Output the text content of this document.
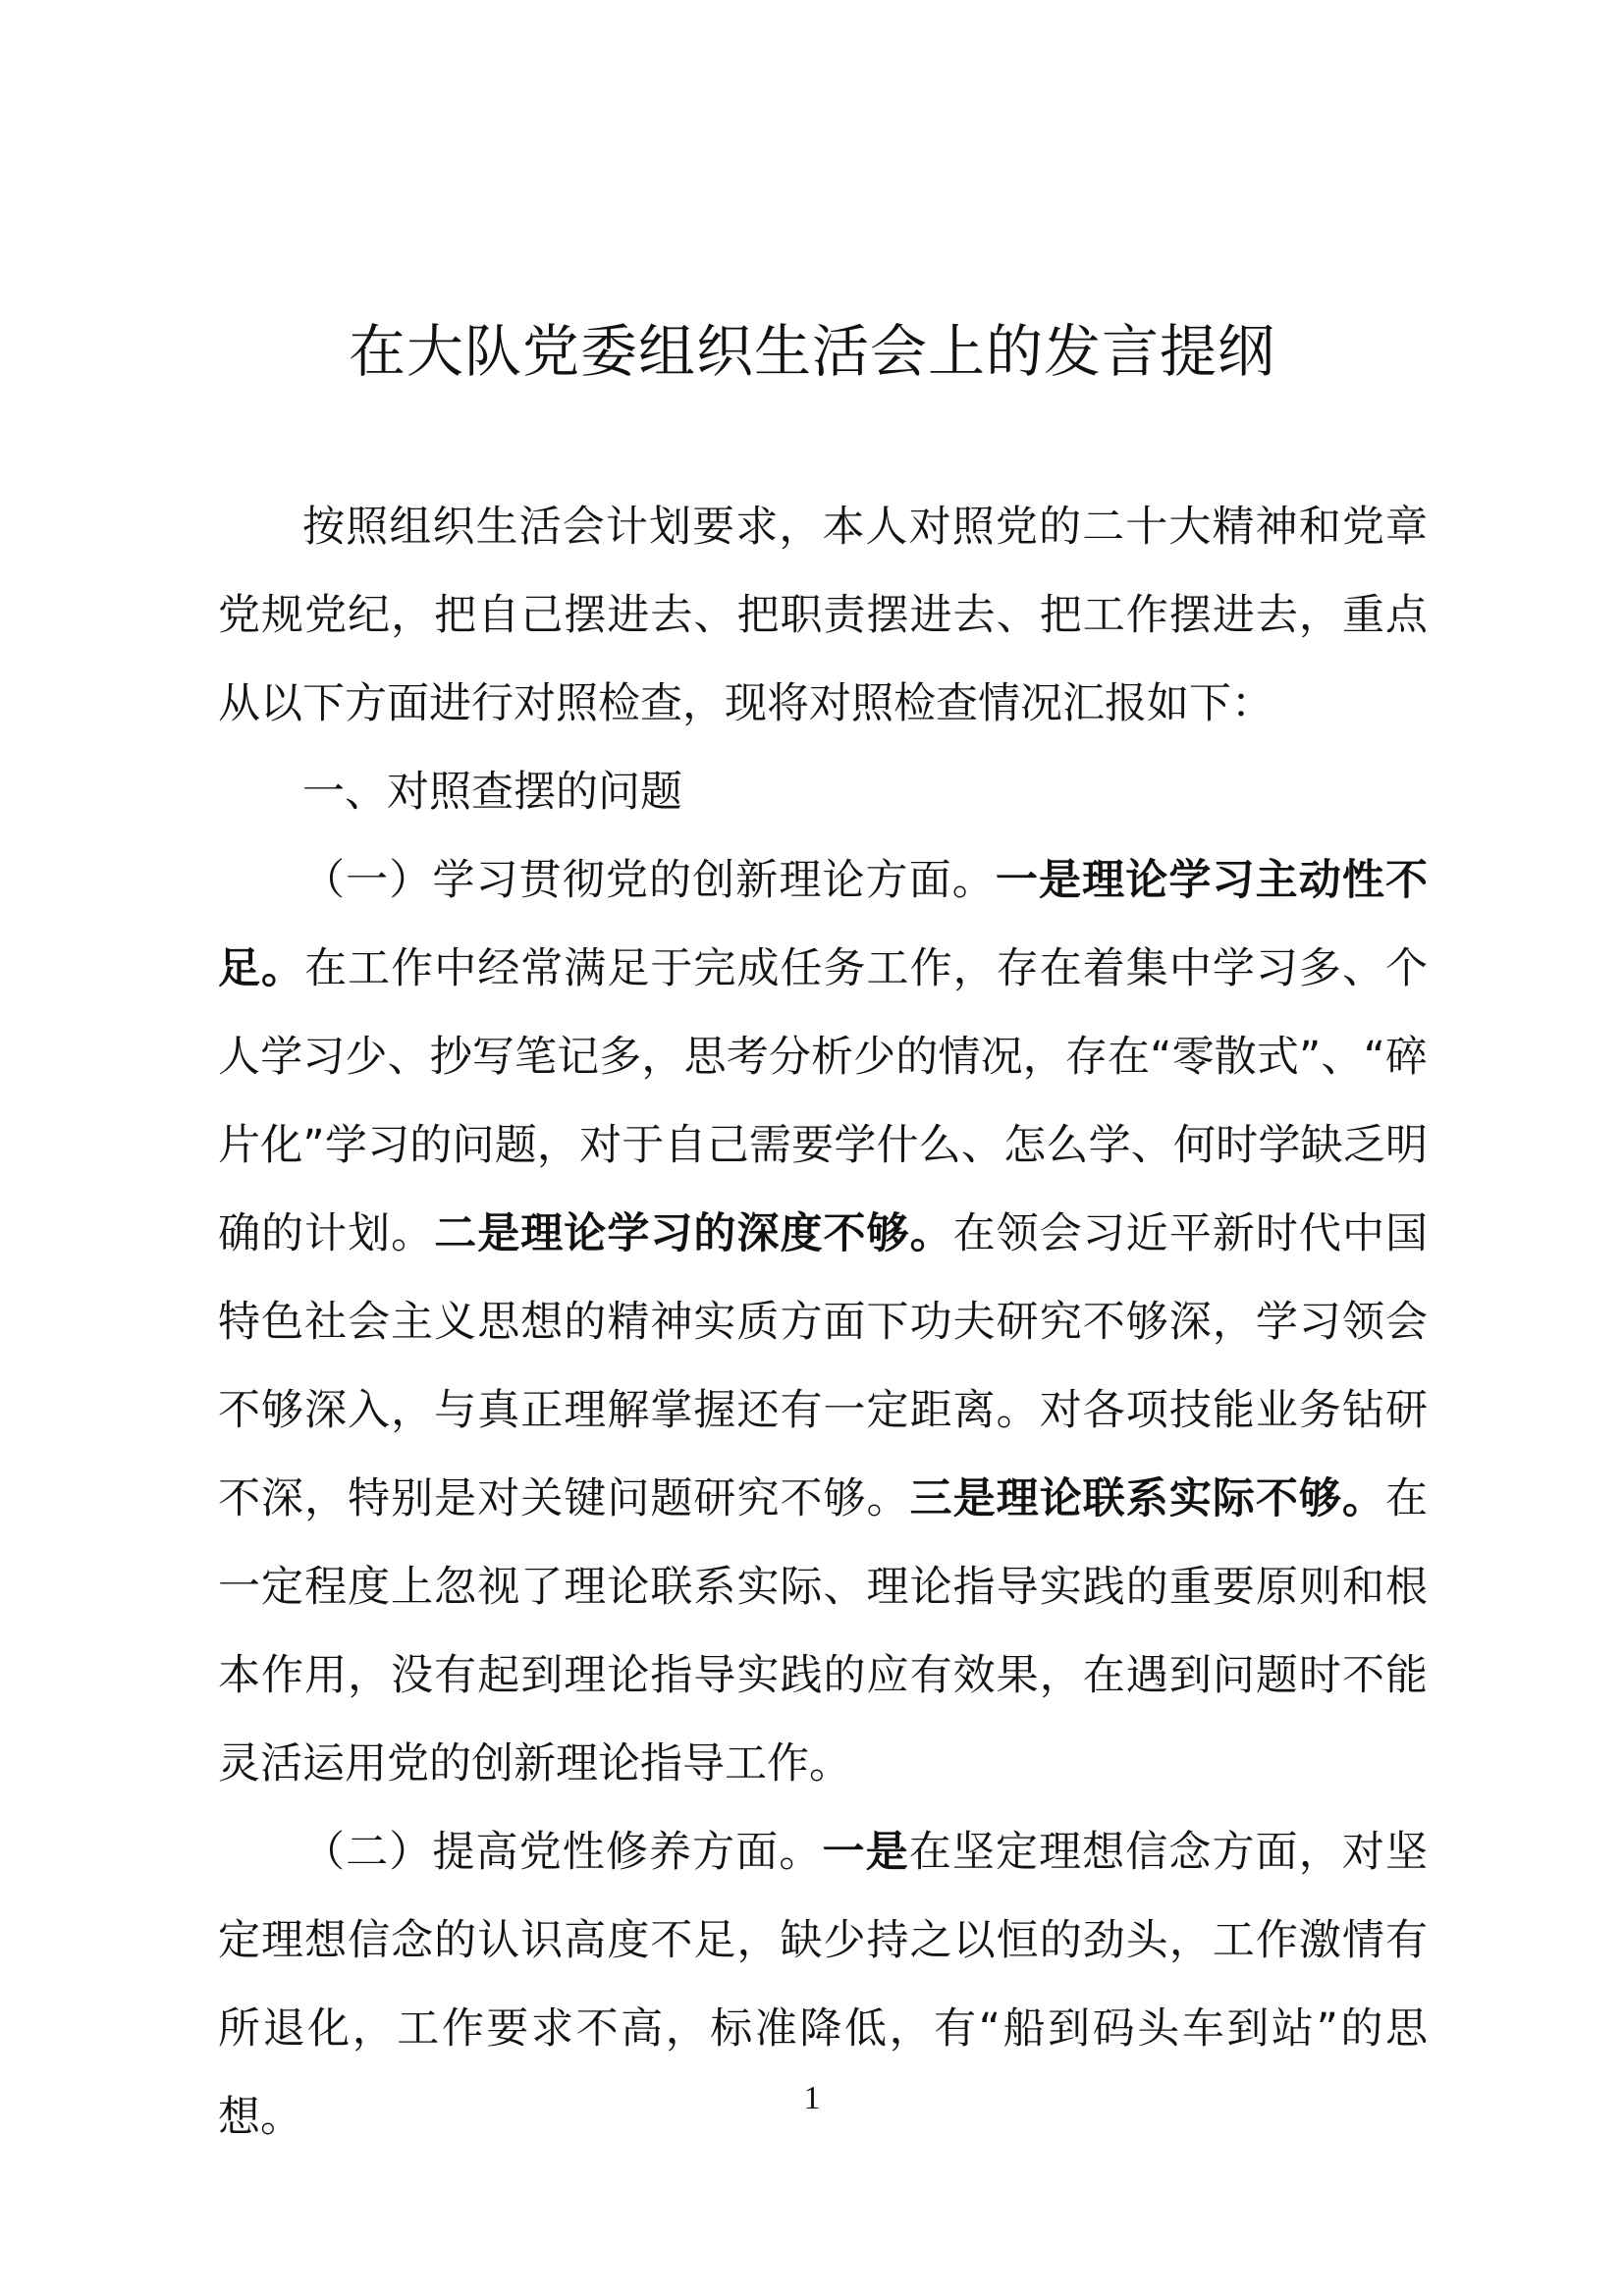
在大队党委组织生活会上的发言提纲

按照组织生活会计划要求，本人对照党的二十大精神和党章党规党纪，把自己摆进去、把职责摆进去、把工作摆进去，重点从以下方面进行对照检查，现将对照检查情况汇报如下：

一、对照查摆的问题

（一）学习贯彻党的创新理论方面。一是理论学习主动性不足。在工作中经常满足于完成任务工作，存在着集中学习多、个人学习少、抄写笔记多，思考分析少的情况，存在“零散式”、“碎片化”学习的问题，对于自己需要学什么、怎么学、何时学缺乏明确的计划。二是理论学习的深度不够。在领会习近平新时代中国特色社会主义思想的精神实质方面下功夫研究不够深，学习领会不够深入，与真正理解掌握还有一定距离。对各项技能业务钻研不深，特别是对关键问题研究不够。三是理论联系实际不够。在一定程度上忽视了理论联系实际、理论指导实践的重要原则和根本作用，没有起到理论指导实践的应有效果，在遇到问题时不能灵活运用党的创新理论指导工作。

（二）提高党性修养方面。一是在坚定理想信念方面，对坚定理想信念的认识高度不足，缺少持之以恒的劲头，工作激情有所退化，工作要求不高，标准降低，有“船到码头车到站”的思想。	1
